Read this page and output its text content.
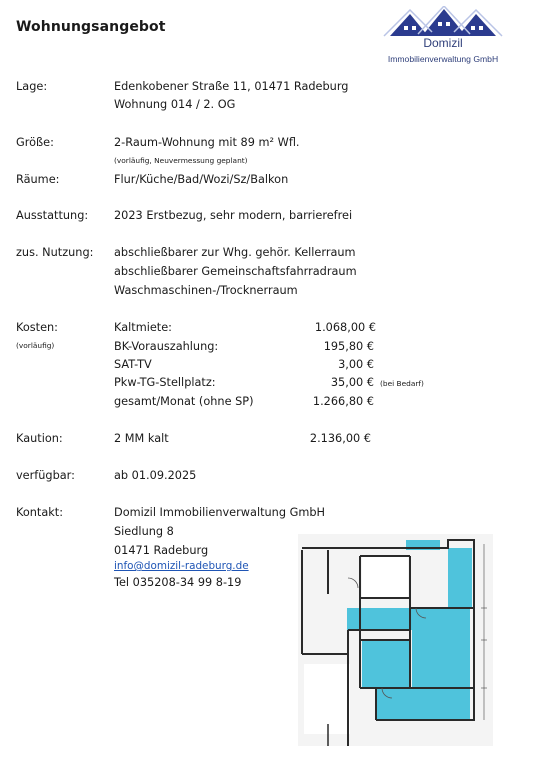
Wohnungsangebot
Domizil
Immobilienverwaltung GmbH
Lage:	Edenkobener Straße 11, 01471 Radeburg
Wohnung 014 / 2. OG
Größe:	2-Raum-Wohnung mit 89 m² Wfl.
(vorläufig, Neuvermessung geplant)
Räume:	Flur/Küche/Bad/Wozi/Sz/Balkon
Ausstattung: 2023 Erstbezug, sehr modern, barrierefrei
zus. Nutzung: abschließbarer zur Whg. gehör. Kellerraum
abschließbarer Gemeinschaftsfahrradraum
Waschmaschinen-/Trocknerraum
Kosten:
(vorläufig)
Kaltmiete:	1.068,00 €
BK-Vorauszahlung:	195,80 €
SAT-TV	3,00 €
Pkw-TG-Stellplatz:	35,00 € (bei Bedarf)
gesamt/Monat (ohne SP)	1.266,80 €
Kaution:	2 MM kalt	2.136,00 €
verfügbar:	ab 01.09.2025
Kontakt:	Domizil Immobilienverwaltung GmbH
Siedlung 8
01471 Radeburg
info@domizil-radeburg.de
Tel 035208-34 99 8-19
